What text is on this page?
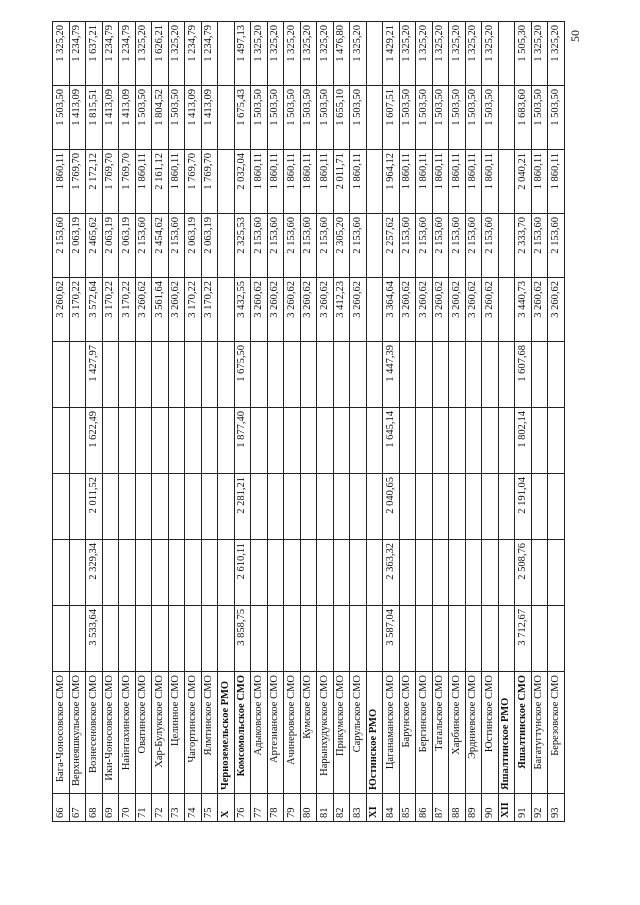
50
66	Бага-Чоносовское СМО						3 260,62	2 153,60	1 860,11	1 503,50	1 325,20
67	Верхнеяшкульское СМО						3 170,22	2 063,19	1 769,70	1 413,09	1 234,79
68	Вознесеновское СМО	3 533,64	2 329,34	2 011,52	1 622,49	1 427,97	3 572,64	2 465,62	2 172,12	1 815,51	1 637,21
69	Ики-Чоносовское СМО						3 170,22	2 063,19	1 769,70	1 413,09	1 234,79
70	Найнтахинское СМО						3 170,22	2 063,19	1 769,70	1 413,09	1 234,79
71	Оватинское СМО						3 260,62	2 153,60	1 860,11	1 503,50	1 325,20
72	Хар-Булукское СМО						3 561,64	2 454,62	2 161,12	1 804,52	1 626,21
73	Целинное СМО						3 260,62	2 153,60	1 860,11	1 503,50	1 325,20
74	Чагортинское СМО						3 170,22	2 063,19	1 769,70	1 413,09	1 234,79
75	Ялмтинское СМО						3 170,22	2 063,19	1 769,70	1 413,09	1 234,79
X	Черноземельское РМО										
76	Комсомольское СМО	3 858,75	2 610,11	2 281,21	1 877,40	1 675,50	3 432,55	2 325,53	2 032,04	1 675,43	1 497,13
77	Адыковское СМО						3 260,62	2 153,60	1 860,11	1 503,50	1 325,20
78	Артезианское СМО						3 260,62	2 153,60	1 860,11	1 503,50	1 325,20
79	Ачинеровское СМО						3 260,62	2 153,60	1 860,11	1 503,50	1 325,20
80	Кумское СМО						3 260,62	2 153,60	1 860,11	1 503,50	1 325,20
81	Нарынхудукское СМО						3 260,62	2 153,60	1 860,11	1 503,50	1 325,20
82	Прикумское СМО						3 412,23	2 305,20	2 011,71	1 655,10	1 476,80
83	Сарульское СМО						3 260,62	2 153,60	1 860,11	1 503,50	1 325,20
XI	Юстинское РМО										
84	Цаганаманское СМО	3 587,04	2 363,32	2 040,65	1 645,14	1 447,39	3 364,64	2 257,62	1 964,12	1 607,51	1 429,21
85	Барунское СМО						3 260,62	2 153,60	1 860,11	1 503,50	1 325,20
86	Бергинское СМО						3 260,62	2 153,60	1 860,11	1 503,50	1 325,20
87	Татальское СМО						3 260,62	2 153,60	1 860,11	1 503,50	1 325,20
88	Харбинское СМО						3 260,62	2 153,60	1 860,11	1 503,50	1 325,20
89	Эрдниевское СМО						3 260,62	2 153,60	1 860,11	1 503,50	1 325,20
90	Юстинское СМО						3 260,62	2 153,60	1 860,11	1 503,50	1 325,20
XII	Яшалтинское РМО										
91	Яшалтинское СМО	3 712,67	2 508,76	2 191,04	1 802,14	1 607,68	3 440,73	2 333,70	2 040,21	1 683,60	1 505,30
92	Багатугтунское СМО						3 260,62	2 153,60	1 860,11	1 503,50	1 325,20
93	Березовское СМО						3 260,62	2 153,60	1 860,11	1 503,50	1 325,20
